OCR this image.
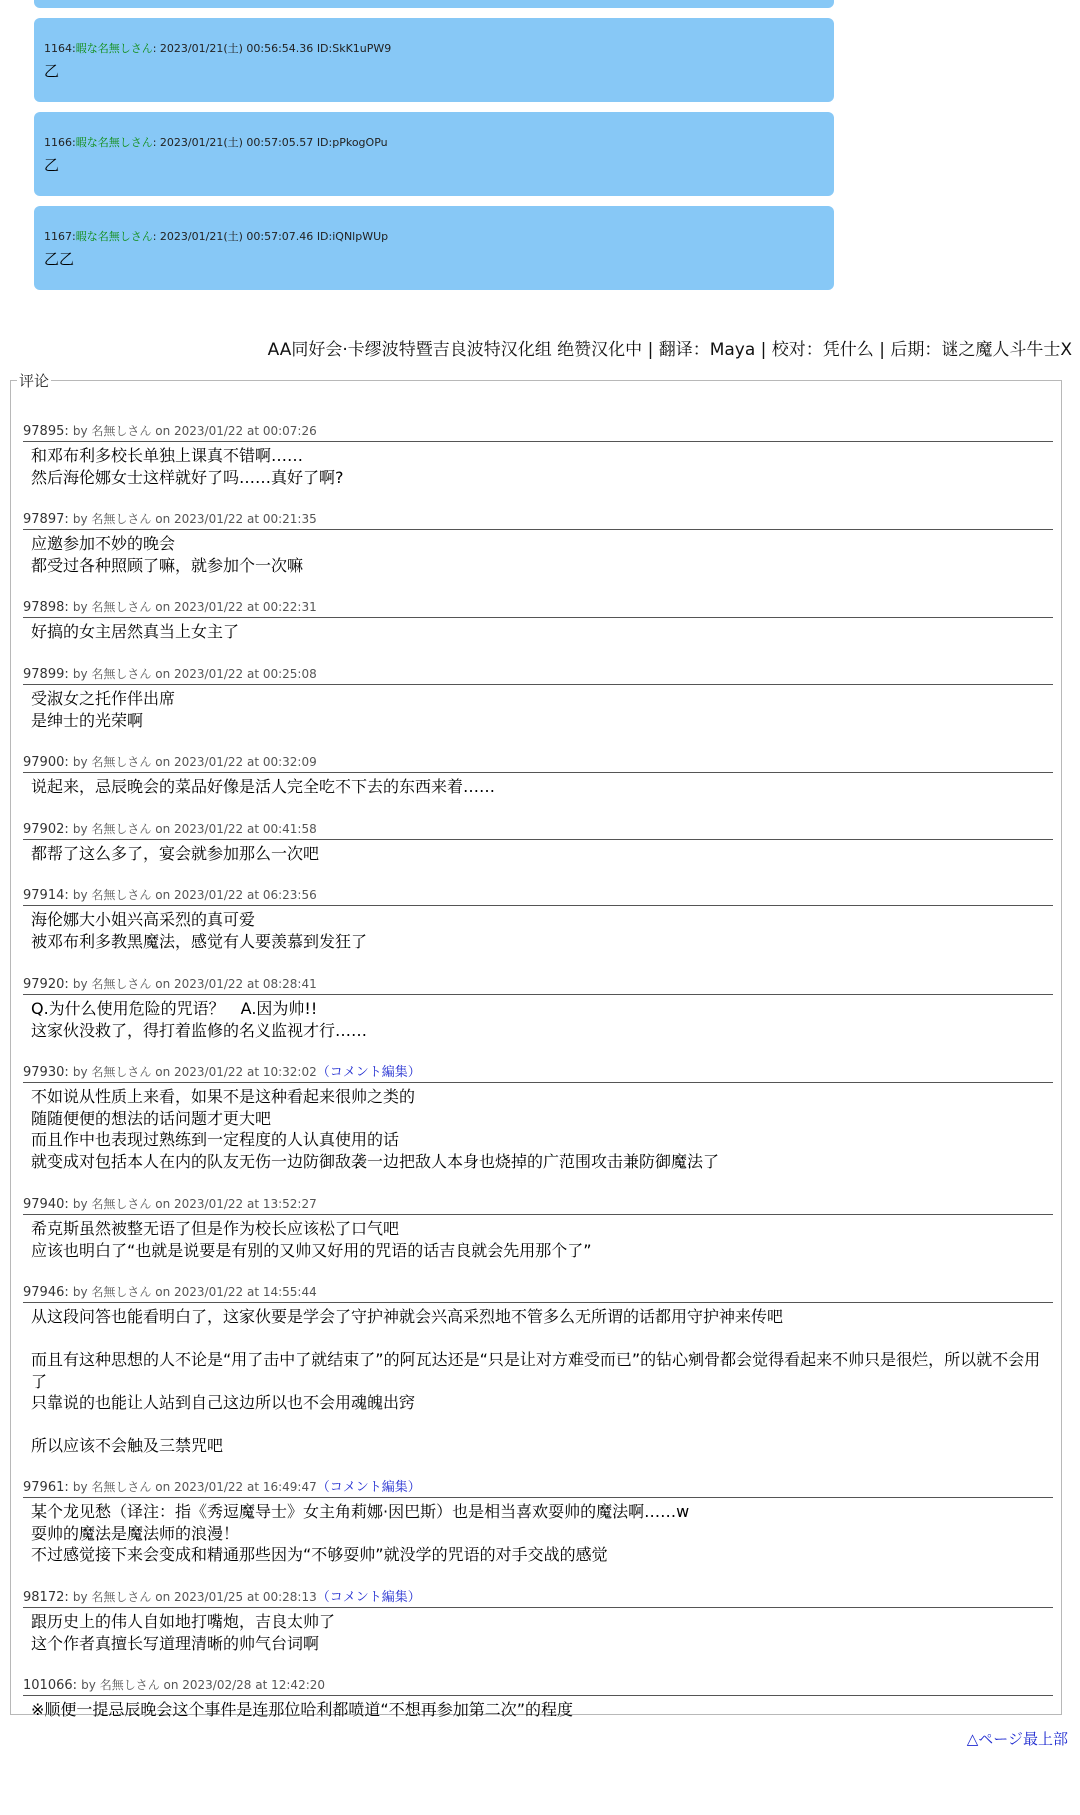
1164:暇な名無しさん: 2023/01/21(土) 00:56:54.36 ID:SkK1uPW9
乙
1166:暇な名無しさん: 2023/01/21(土) 00:57:05.57 ID:pPkogOPu
乙
1167:暇な名無しさん: 2023/01/21(土) 00:57:07.46 ID:iQNlpWUp
乙乙
AA同好会·卡缪波特暨吉良波特汉化组 绝赞汉化中 | 翻译：Maya | 校对：凭什么 | 后期：谜之魔人斗牛士X
评论
97895: by 名無しさん on 2023/01/22 at 00:07:26
和邓布利多校长单独上课真不错啊……
然后海伦娜女士这样就好了吗……真好了啊?
97897: by 名無しさん on 2023/01/22 at 00:21:35
应邀参加不妙的晚会
都受过各种照顾了嘛，就参加个一次嘛
97898: by 名無しさん on 2023/01/22 at 00:22:31
好搞的女主居然真当上女主了
97899: by 名無しさん on 2023/01/22 at 00:25:08
受淑女之托作伴出席
是绅士的光荣啊
97900: by 名無しさん on 2023/01/22 at 00:32:09
说起来，忌辰晚会的菜品好像是活人完全吃不下去的东西来着……
97902: by 名無しさん on 2023/01/22 at 00:41:58
都帮了这么多了，宴会就参加那么一次吧
97914: by 名無しさん on 2023/01/22 at 06:23:56
海伦娜大小姐兴高采烈的真可爱
被邓布利多教黑魔法，感觉有人要羡慕到发狂了
97920: by 名無しさん on 2023/01/22 at 08:28:41
Q.为什么使用危险的咒语？　A.因为帅!!
这家伙没救了，得打着监修的名义监视才行……
97930: by 名無しさん on 2023/01/22 at 10:32:02（コメント編集）
不如说从性质上来看，如果不是这种看起来很帅之类的
随随便便的想法的话问题才更大吧
而且作中也表现过熟练到一定程度的人认真使用的话
就变成对包括本人在内的队友无伤一边防御敌袭一边把敌人本身也烧掉的广范围攻击兼防御魔法了
97940: by 名無しさん on 2023/01/22 at 13:52:27
希克斯虽然被整无语了但是作为校长应该松了口气吧
应该也明白了“也就是说要是有别的又帅又好用的咒语的话吉良就会先用那个了”
97946: by 名無しさん on 2023/01/22 at 14:55:44
从这段问答也能看明白了，这家伙要是学会了守护神就会兴高采烈地不管多么无所谓的话都用守护神来传吧

而且有这种思想的人不论是“用了击中了就结束了”的阿瓦达还是“只是让对方难受而已”的钻心剜骨都会觉得看起来不帅只是很烂，所以就不会用了
只靠说的也能让人站到自己这边所以也不会用魂魄出窍

所以应该不会触及三禁咒吧
97961: by 名無しさん on 2023/01/22 at 16:49:47（コメント編集）
某个龙见愁（译注：指《秀逗魔导士》女主角莉娜·因巴斯）也是相当喜欢耍帅的魔法啊……w
耍帅的魔法是魔法师的浪漫！
不过感觉接下来会变成和精通那些因为“不够耍帅”就没学的咒语的对手交战的感觉
98172: by 名無しさん on 2023/01/25 at 00:28:13（コメント編集）
跟历史上的伟人自如地打嘴炮，吉良太帅了
这个作者真擅长写道理清晰的帅气台词啊
101066: by 名無しさん on 2023/02/28 at 12:42:20
※顺便一提忌辰晚会这个事件是连那位哈利都喷道“不想再参加第二次”的程度
△ページ最上部
